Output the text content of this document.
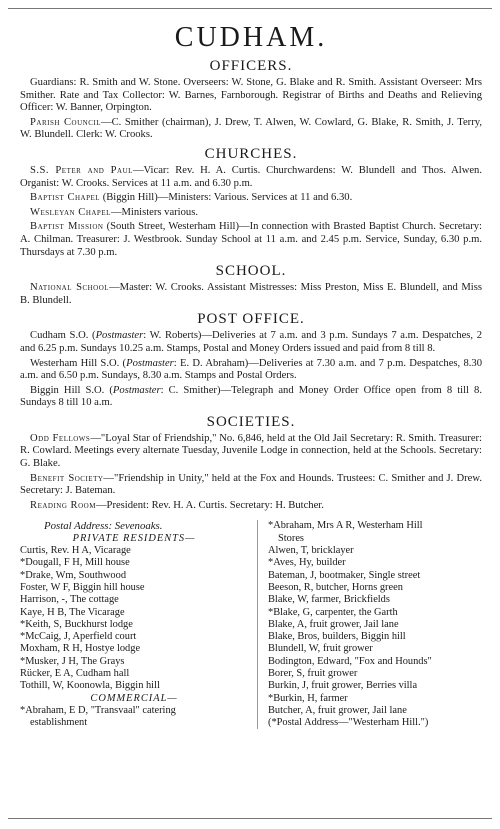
CUDHAM.
OFFICERS.

Guardians: R. Smith and W. Stone. Overseers: W. Stone, G. Blake and R. Smith. Assistant Overseer: Mrs Smither. Rate and Tax Collector: W. Barnes, Farnborough. Registrar of Births and Deaths and Relieving Officer: W. Banner, Orpington.

Parish Council—C. Smither (chairman), J. Drew, T. Alwen, W. Cowlard, G. Blake, R. Smith, J. Terry, W. Blundell. Clerk: W. Crooks.

CHURCHES.

S.S. Peter and Paul—Vicar: Rev. H. A. Curtis. Churchwardens: W. Blundell and Thos. Alwen. Organist: W. Crooks. Services at 11 a.m. and 6.30 p.m.

Baptist Chapel (Biggin Hill)—Ministers: Various. Services at 11 and 6.30.

Wesleyan Chapel—Ministers various.

Baptist Mission (South Street, Westerham Hill)—In connection with Brasted Baptist Church. Secretary: A. Chilman. Treasurer: J. Westbrook. Sunday School at 11 a.m. and 2.45 p.m. Service, Sunday, 6.30 p.m. Thursdays at 7.30 p.m.

SCHOOL.

National School—Master: W. Crooks. Assistant Mistresses: Miss Preston, Miss E. Blundell, and Miss B. Blundell.

POST OFFICE.

Cudham S.O. (Postmaster: W. Roberts)—Deliveries at 7 a.m. and 3 p.m. Sundays 7 a.m. Despatches, 2 and 6.25 p.m. Sundays 10.25 a.m. Stamps, Postal and Money Orders issued and paid from 8 till 8.

Westerham Hill S.O. (Postmaster: E. D. Abraham)—Deliveries at 7.30 a.m. and 7 p.m. Despatches, 8.30 a.m. and 6.50 p.m. Sundays, 8.30 a.m. Stamps and Postal Orders.

Biggin Hill S.O. (Postmaster: C. Smither)—Telegraph and Money Order Office open from 8 till 8. Sundays 8 till 10 a.m.

SOCIETIES.

Odd Fellows—"Loyal Star of Friendship," No. 6,846, held at the Old Jail Secretary: R. Smith. Treasurer: R. Cowlard. Meetings every alternate Tuesday, Juvenile Lodge in connection, held at the Schools. Secretary: G. Blake.

Benefit Society—"Friendship in Unity," held at the Fox and Hounds. Trustees: C. Smither and J. Drew. Secretary: J. Bateman.

Reading Room—President: Rev. H. A. Curtis. Secretary: H. Butcher.

Postal Address: Sevenoaks.
PRIVATE RESIDENTS—
Curtis, Rev. H A, Vicarage
*Dougall, F H, Mill house
*Drake, Wm, Southwood
Foster, W F, Biggin hill house
Harrison, -, The cottage
Kaye, H B, The Vicarage
*Keith, S, Buckhurst lodge
*McCaig, J, Aperfield court
Moxham, R H, Hostye lodge
*Musker, J H, The Grays
Rücker, E A, Cudham hall
Tothill, W, Koonowla, Biggin hill
COMMERCIAL—
*Abraham, E D, "Transvaal" catering
establishment
*Abraham, Mrs A R, Westerham Hill
Stores
Alwen, T, bricklayer
*Aves, Hy, builder
Bateman, J, bootmaker, Single street
Beeson, R, butcher, Horns green
Blake, W, farmer, Brickfields
*Blake, G, carpenter, the Garth
Blake, A, fruit grower, Jail lane
Blake, Bros, builders, Biggin hill
Blundell, W, fruit grower
Bodington, Edward, "Fox and Hounds"
Borer, S, fruit grower
Burkin, J, fruit grower, Berries villa
*Burkin, H, farmer
Butcher, A, fruit grower, Jail lane
(*Postal Address—"Westerham Hill.")
